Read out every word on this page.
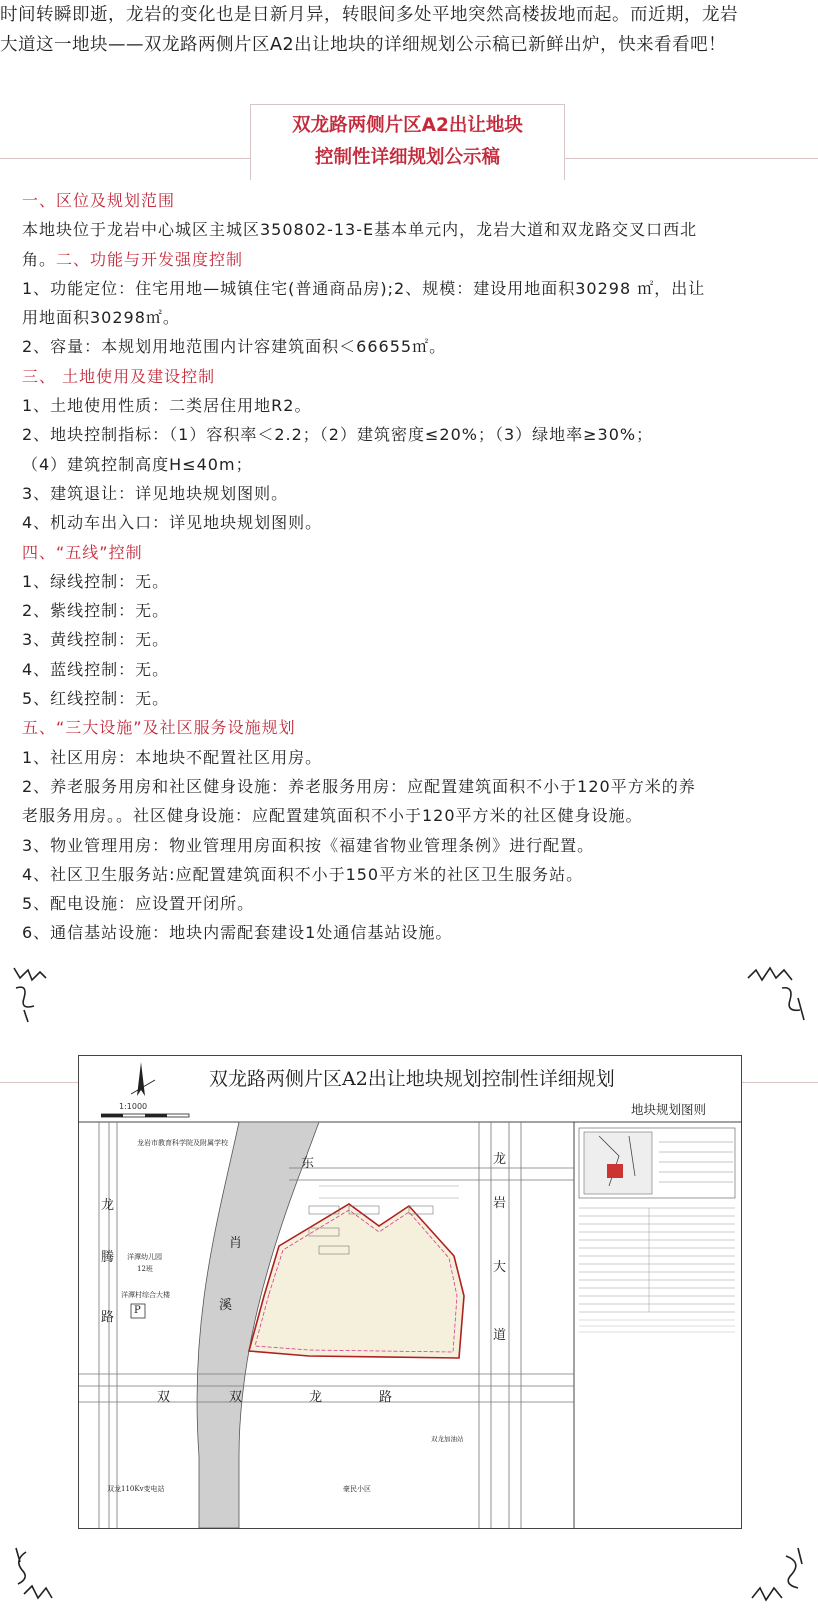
时间转瞬即逝，龙岩的变化也是日新月异，转眼间多处平地突然高楼拔地而起。而近期，龙岩

大道这一地块——双龙路两侧片区A2出让地块的详细规划公示稿已新鲜出炉，快来看看吧！

双龙路两侧片区A2出让地块
控制性详细规划公示稿

一、区位及规划范围

本地块位于龙岩中心城区主城区350802-13-E基本单元内，龙岩大道和双龙路交叉口西北

角。二、功能与开发强度控制

1、功能定位：住宅用地—城镇住宅(普通商品房);2、规模：建设用地面积30298 ㎡，出让

用地面积30298㎡。

2、容量：本规划用地范围内计容建筑面积＜66655㎡。

三、 土地使用及建设控制

1、土地使用性质：二类居住用地R2。

2、地块控制指标：（1）容积率＜2.2；（2）建筑密度≤20%；（3）绿地率≥30%；

（4）建筑控制高度H≤40m；

3、建筑退让：详见地块规划图则。

4、机动车出入口：详见地块规划图则。

四、“五线”控制

1、绿线控制：无。

2、紫线控制：无。

3、黄线控制：无。

4、蓝线控制：无。

5、红线控制：无。

五、“三大设施”及社区服务设施规划

1、社区用房：本地块不配置社区用房。

2、养老服务用房和社区健身设施：养老服务用房：应配置建筑面积不小于120平方米的养

老服务用房。。社区健身设施：应配置建筑面积不小于120平方米的社区健身设施。

3、物业管理用房：物业管理用房面积按《福建省物业管理条例》进行配置。

4、社区卫生服务站:应配置建筑面积不小于150平方米的社区卫生服务站。

5、配电设施：应设置开闭所。

6、通信基站设施：地块内需配套建设1处通信基站设施。

双龙路两侧片区A2出让地块规划控制性详细规划
地块规划图则
1:1000
龙岩市教育科学院及附属学校
洋潭幼儿园
12班
洋潭村综合大楼
P
东
肖
溪
龙
腾
路
龙
岩
大
道
双	双	龙	路
双龙110Kv变电站	豪民小区
双龙加油站
